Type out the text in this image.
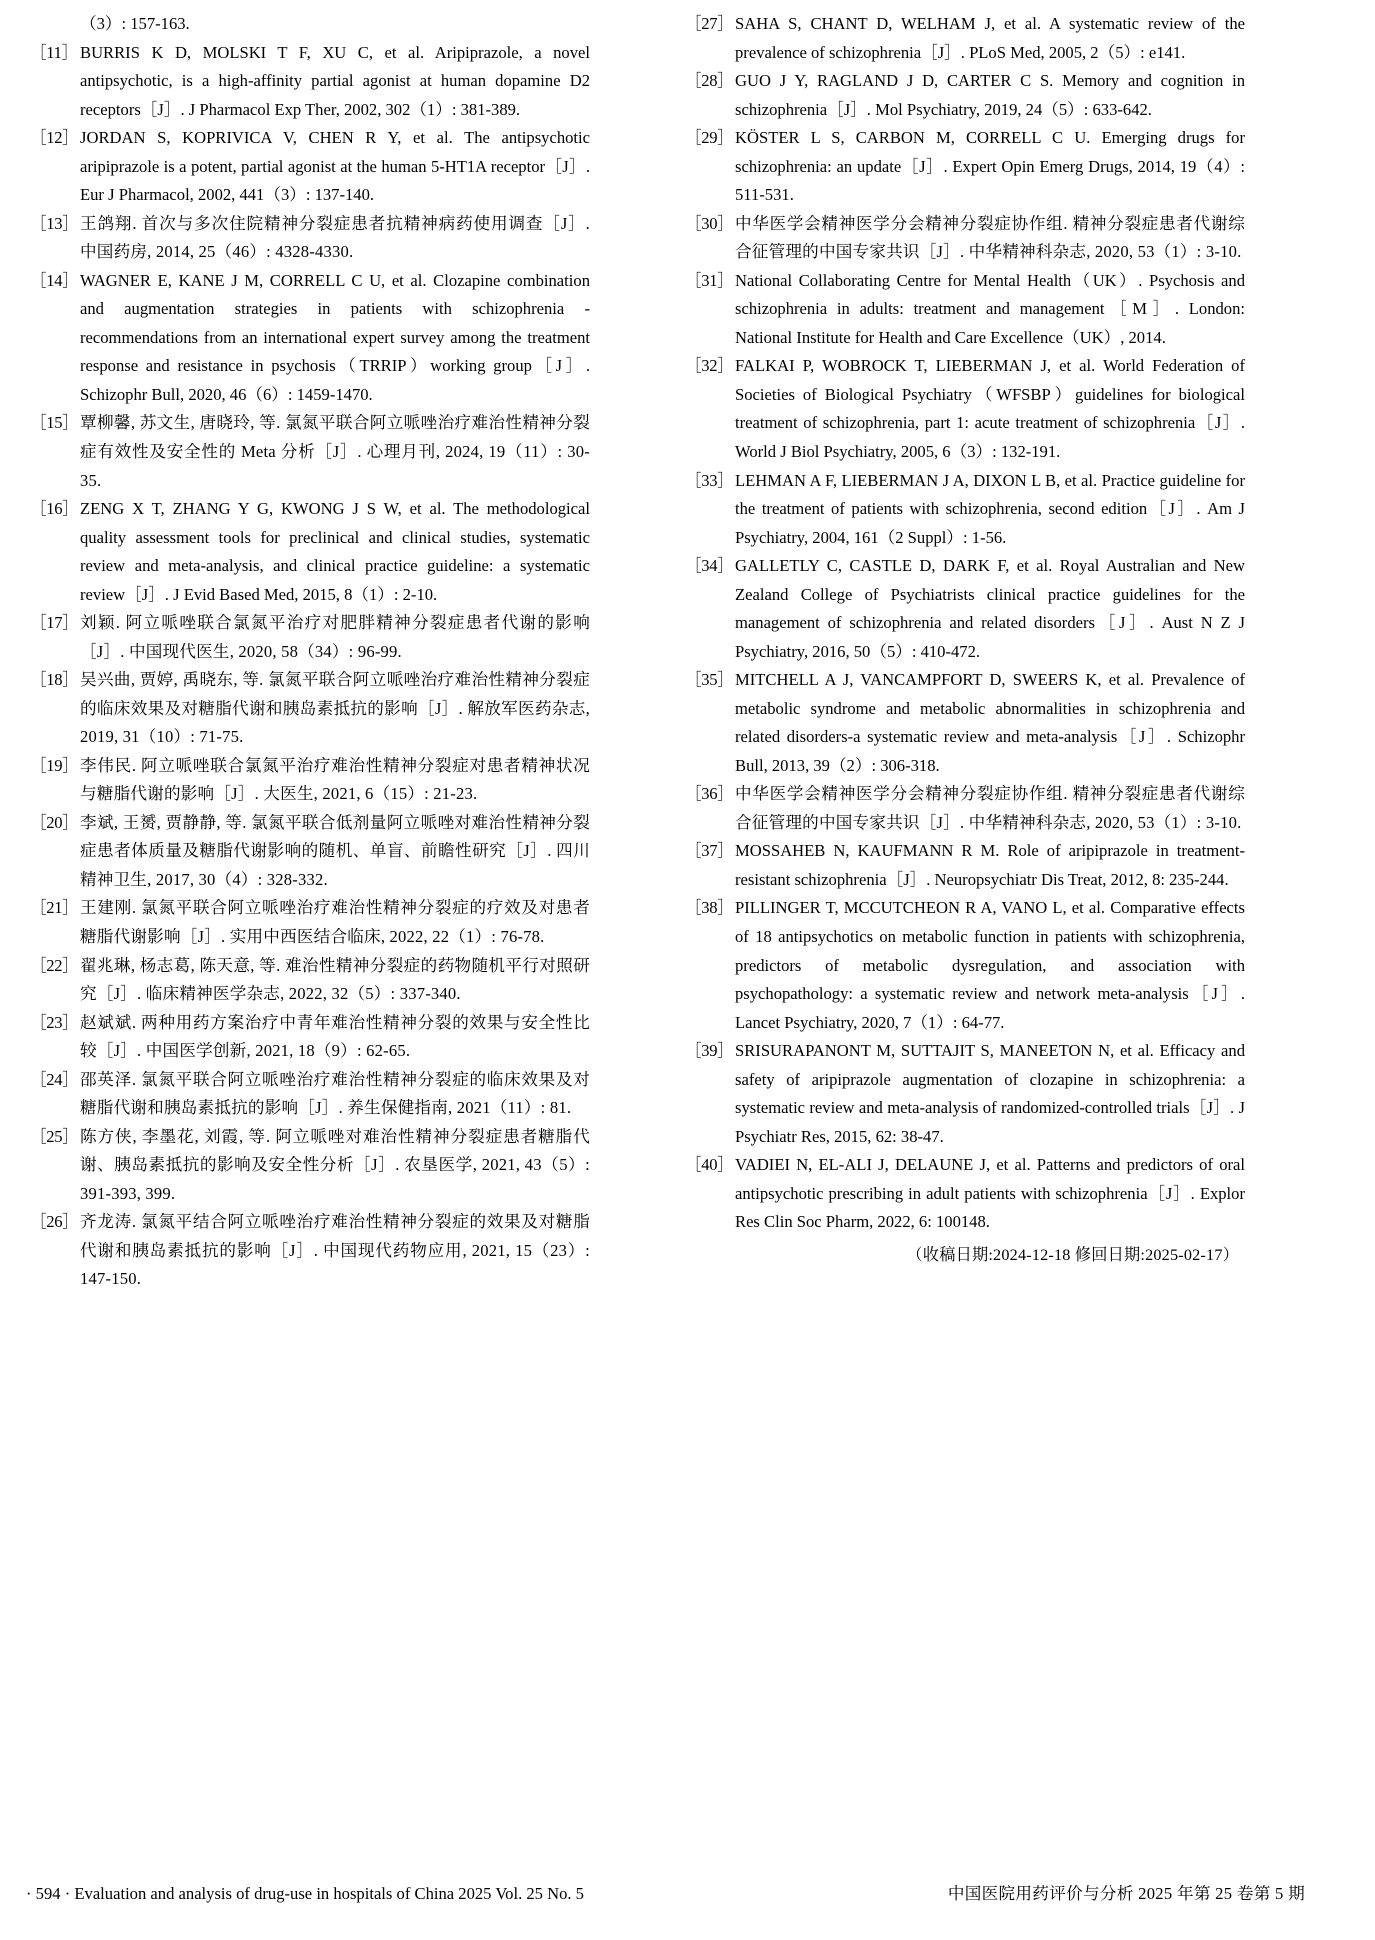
（3）: 157-163.
［11］ BURRIS K D, MOLSKI T F, XU C, et al. Aripiprazole, a novel antipsychotic, is a high-affinity partial agonist at human dopamine D2 receptors［J］. J Pharmacol Exp Ther, 2002, 302（1）: 381-389.
［12］ JORDAN S, KOPRIVICA V, CHEN R Y, et al. The antipsychotic aripiprazole is a potent, partial agonist at the human 5-HT1A receptor［J］. Eur J Pharmacol, 2002, 441（3）: 137-140.
［13］ 王鸽翔. 首次与多次住院精神分裂症患者抗精神病药使用调查［J］. 中国药房, 2014, 25（46）: 4328-4330.
［14］ WAGNER E, KANE J M, CORRELL C U, et al. Clozapine combination and augmentation strategies in patients with schizophrenia -recommendations from an international expert survey among the treatment response and resistance in psychosis（TRRIP）working group［J］. Schizophr Bull, 2020, 46（6）: 1459-1470.
［15］ 覃柳馨, 苏文生, 唐晓玲, 等. 氯氮平联合阿立哌唑治疗难治性精神分裂症有效性及安全性的 Meta 分析［J］. 心理月刊, 2024, 19（11）: 30-35.
［16］ ZENG X T, ZHANG Y G, KWONG J S W, et al. The methodological quality assessment tools for preclinical and clinical studies, systematic review and meta-analysis, and clinical practice guideline: a systematic review［J］. J Evid Based Med, 2015, 8（1）: 2-10.
［17］ 刘颖. 阿立哌唑联合氯氮平治疗对肥胖精神分裂症患者代谢的影响［J］. 中国现代医生, 2020, 58（34）: 96-99.
［18］ 吴兴曲, 贾婷, 禹晓东, 等. 氯氮平联合阿立哌唑治疗难治性精神分裂症的临床效果及对糖脂代谢和胰岛素抵抗的影响［J］. 解放军医药杂志, 2019, 31（10）: 71-75.
［19］ 李伟民. 阿立哌唑联合氯氮平治疗难治性精神分裂症对患者精神状况与糖脂代谢的影响［J］. 大医生, 2021, 6（15）: 21-23.
［20］ 李斌, 王赟, 贾静静, 等. 氯氮平联合低剂量阿立哌唑对难治性精神分裂症患者体质量及糖脂代谢影响的随机、单盲、前瞻性研究［J］. 四川精神卫生, 2017, 30（4）: 328-332.
［21］ 王建刚. 氯氮平联合阿立哌唑治疗难治性精神分裂症的疗效及对患者糖脂代谢影响［J］. 实用中西医结合临床, 2022, 22（1）: 76-78.
［22］ 翟兆琳, 杨志葛, 陈天意, 等. 难治性精神分裂症的药物随机平行对照研究［J］. 临床精神医学杂志, 2022, 32（5）: 337-340.
［23］ 赵斌斌. 两种用药方案治疗中青年难治性精神分裂的效果与安全性比较［J］. 中国医学创新, 2021, 18（9）: 62-65.
［24］ 邵英泽. 氯氮平联合阿立哌唑治疗难治性精神分裂症的临床效果及对糖脂代谢和胰岛素抵抗的影响［J］. 养生保健指南, 2021（11）: 81.
［25］ 陈方侠, 李墨花, 刘霞, 等. 阿立哌唑对难治性精神分裂症患者糖脂代谢、胰岛素抵抗的影响及安全性分析［J］. 农垦医学, 2021, 43（5）: 391-393, 399.
［26］ 齐龙涛. 氯氮平结合阿立哌唑治疗难治性精神分裂症的效果及对糖脂代谢和胰岛素抵抗的影响［J］. 中国现代药物应用, 2021, 15（23）: 147-150.
［27］ SAHA S, CHANT D, WELHAM J, et al. A systematic review of the prevalence of schizophrenia［J］. PLoS Med, 2005, 2（5）: e141.
［28］ GUO J Y, RAGLAND J D, CARTER C S. Memory and cognition in schizophrenia［J］. Mol Psychiatry, 2019, 24（5）: 633-642.
［29］ KÖSTER L S, CARBON M, CORRELL C U. Emerging drugs for schizophrenia: an update［J］. Expert Opin Emerg Drugs, 2014, 19（4）: 511-531.
［30］ 中华医学会精神医学分会精神分裂症协作组. 精神分裂症患者代谢综合征管理的中国专家共识［J］. 中华精神科杂志, 2020, 53（1）: 3-10.
［31］ National Collaborating Centre for Mental Health（UK）. Psychosis and schizophrenia in adults: treatment and management［M］. London: National Institute for Health and Care Excellence（UK）, 2014.
［32］ FALKAI P, WOBROCK T, LIEBERMAN J, et al. World Federation of Societies of Biological Psychiatry（WFSBP）guidelines for biological treatment of schizophrenia, part 1: acute treatment of schizophrenia［J］. World J Biol Psychiatry, 2005, 6（3）: 132-191.
［33］ LEHMAN A F, LIEBERMAN J A, DIXON L B, et al. Practice guideline for the treatment of patients with schizophrenia, second edition［J］. Am J Psychiatry, 2004, 161（2 Suppl）: 1-56.
［34］ GALLETLY C, CASTLE D, DARK F, et al. Royal Australian and New Zealand College of Psychiatrists clinical practice guidelines for the management of schizophrenia and related disorders［J］. Aust N Z J Psychiatry, 2016, 50（5）: 410-472.
［35］ MITCHELL A J, VANCAMPFORT D, SWEERS K, et al. Prevalence of metabolic syndrome and metabolic abnormalities in schizophrenia and related disorders-a systematic review and meta-analysis［J］. Schizophr Bull, 2013, 39（2）: 306-318.
［36］ 中华医学会精神医学分会精神分裂症协作组. 精神分裂症患者代谢综合征管理的中国专家共识［J］. 中华精神科杂志, 2020, 53（1）: 3-10.
［37］ MOSSAHEB N, KAUFMANN R M. Role of aripiprazole in treatment-resistant schizophrenia［J］. Neuropsychiatr Dis Treat, 2012, 8: 235-244.
［38］ PILLINGER T, MCCUTCHEON R A, VANO L, et al. Comparative effects of 18 antipsychotics on metabolic function in patients with schizophrenia, predictors of metabolic dysregulation, and association with psychopathology: a systematic review and network meta-analysis［J］. Lancet Psychiatry, 2020, 7（1）: 64-77.
［39］ SRISURAPANONT M, SUTTAJIT S, MANEETON N, et al. Efficacy and safety of aripiprazole augmentation of clozapine in schizophrenia: a systematic review and meta-analysis of randomized-controlled trials［J］. J Psychiatr Res, 2015, 62: 38-47.
［40］ VADIEI N, EL-ALI J, DELAUNE J, et al. Patterns and predictors of oral antipsychotic prescribing in adult patients with schizophrenia［J］. Explor Res Clin Soc Pharm, 2022, 6: 100148.
（收稿日期:2024-12-18 修回日期:2025-02-17）
· 594 · Evaluation and analysis of drug-use in hospitals of China 2025 Vol. 25 No. 5	中国医院用药评价与分析 2025 年第 25 卷第 5 期
